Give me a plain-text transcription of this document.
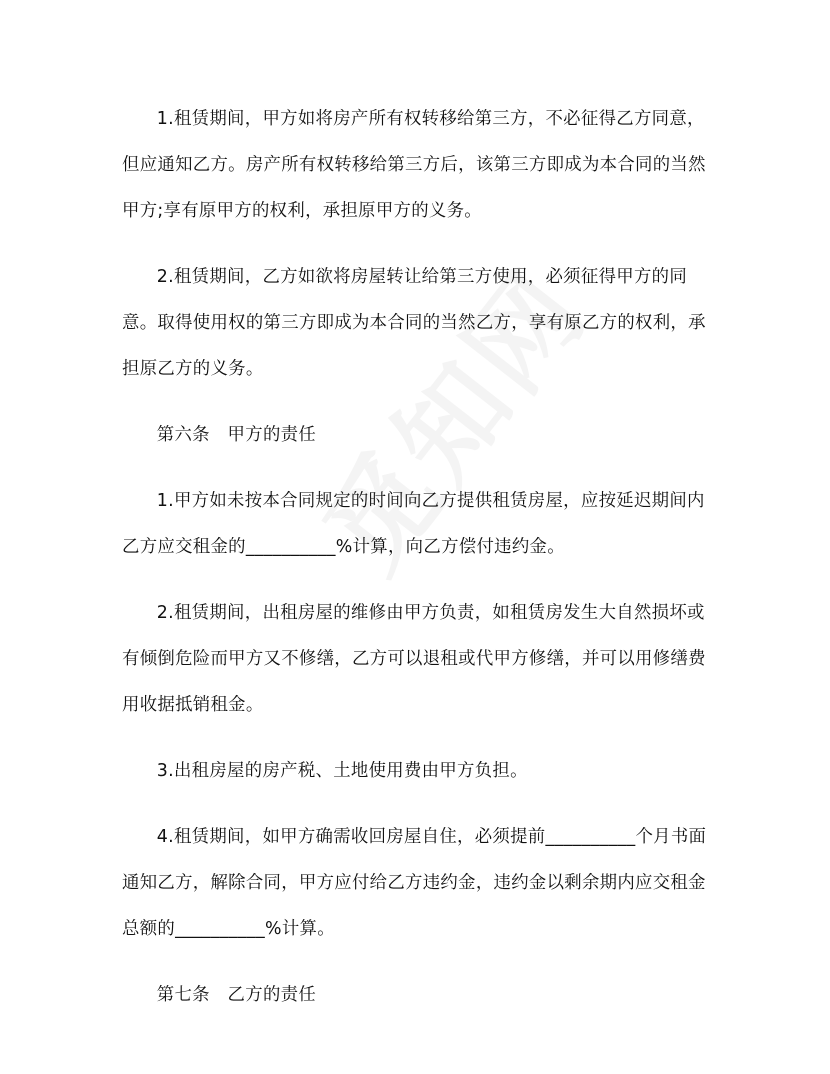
1.租赁期间，甲方如将房产所有权转移给第三方，不必征得乙方同意，但应通知乙方。房产所有权转移给第三方后，该第三方即成为本合同的当然甲方;享有原甲方的权利，承担原甲方的义务。

2.租赁期间，乙方如欲将房屋转让给第三方使用，必须征得甲方的同意。取得使用权的第三方即成为本合同的当然乙方，享有原乙方的权利，承担原乙方的义务。

第六条　甲方的责任

1.甲方如未按本合同规定的时间向乙方提供租赁房屋，应按延迟期间内乙方应交租金的__________%计算，向乙方偿付违约金。

2.租赁期间，出租房屋的维修由甲方负责，如租赁房发生大自然损坏或有倾倒危险而甲方又不修缮，乙方可以退租或代甲方修缮，并可以用修缮费用收据抵销租金。

3.出租房屋的房产税、土地使用费由甲方负担。

4.租赁期间，如甲方确需收回房屋自住，必须提前__________个月书面通知乙方，解除合同，甲方应付给乙方违约金，违约金以剩余期内应交租金总额的__________%计算。

第七条　乙方的责任
